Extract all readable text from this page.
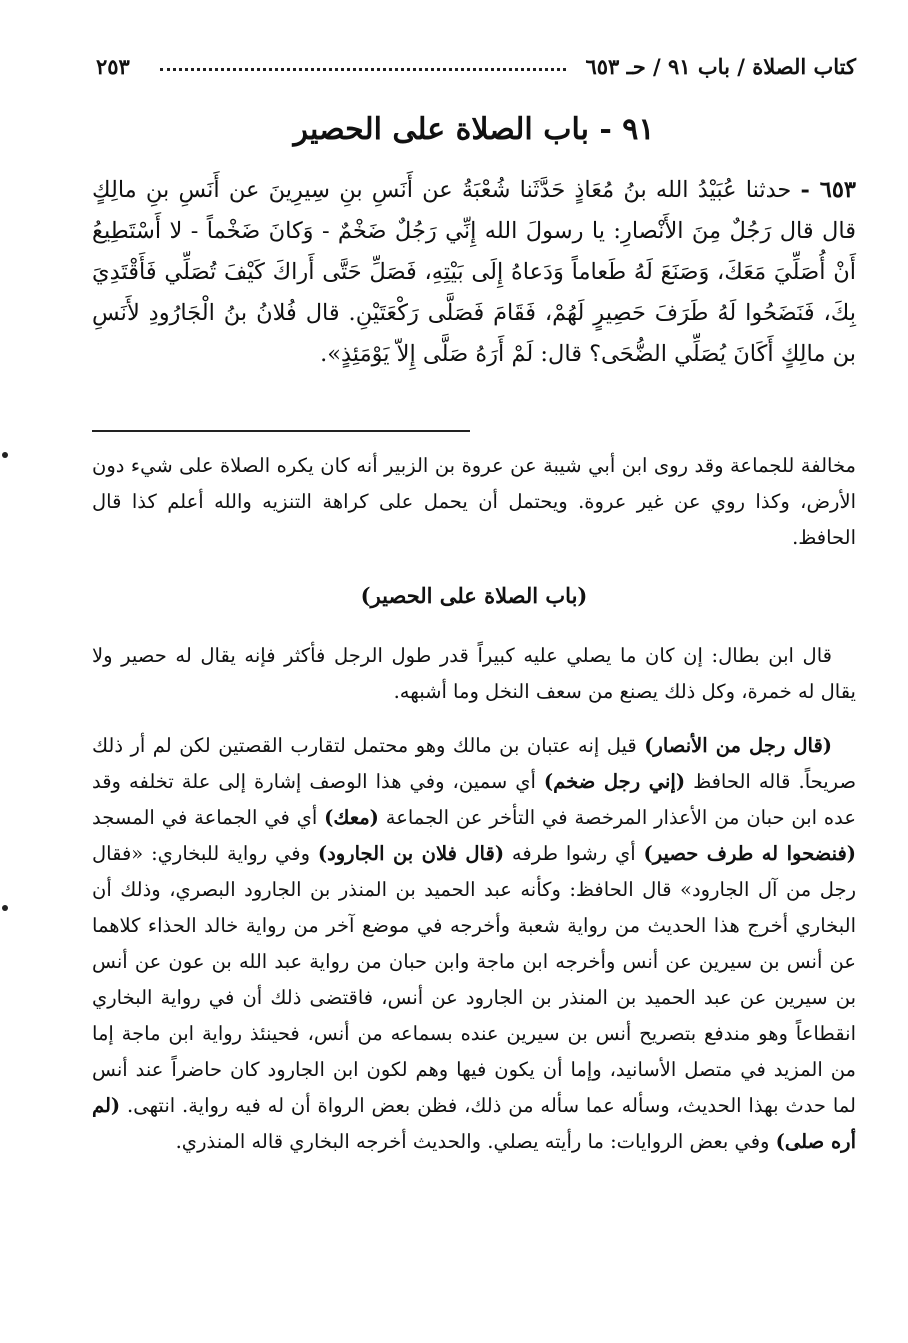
كتاب الصلاة / باب ٩١ / حـ ٦٥٣
٢٥٣
٩١ - باب الصلاة على الحصير
٦٥٣ - حدثنا عُبَيْدُ الله بنُ مُعَاذٍ حَدَّثَنا شُعْبَةُ عن أَنَسِ بنِ سِيرِينَ عن أَنَسِ بنِ مالِكٍ قال قال رَجُلٌ مِنَ الأَنْصارِ: يا رسولَ الله إِنِّي رَجُلٌ ضَخْمٌ - وَكانَ ضَخْماً - لا أَسْتَطِيعُ أَنْ أُصَلِّيَ مَعَكَ، وَصَنَعَ لَهُ طَعاماً وَدَعاهُ إِلَى بَيْتِهِ، فَصَلِّ حَتَّى أَراكَ كَيْفَ تُصَلِّي فَأَقْتَدِيَ بِكَ، فَنَضَحُوا لَهُ طَرَفَ حَصِيرٍ لَهُمْ، فَقَامَ فَصَلَّى رَكْعَتَيْنِ. قال فُلانُ بنُ الْجَارُودِ لأَنَسِ بن مالِكٍ أَكَانَ يُصَلِّي الضُّحَى؟ قال: لَمْ أَرَهُ صَلَّى إِلاّ يَوْمَئِذٍ».

مخالفة للجماعة وقد روى ابن أبي شيبة عن عروة بن الزبير أنه كان يكره الصلاة على شيء دون الأرض، وكذا روي عن غير عروة. ويحتمل أن يحمل على كراهة التنزيه والله أعلم كذا قال الحافظ.

(باب الصلاة على الحصير)

قال ابن بطال: إن كان ما يصلي عليه كبيراً قدر طول الرجل فأكثر فإنه يقال له حصير ولا يقال له خمرة، وكل ذلك يصنع من سعف النخل وما أشبهه.

(قال رجل من الأنصار) قيل إنه عتبان بن مالك وهو محتمل لتقارب القصتين لكن لم أر ذلك صريحاً. قاله الحافظ (إني رجل ضخم) أي سمين، وفي هذا الوصف إشارة إلى علة تخلفه وقد عده ابن حبان من الأعذار المرخصة في التأخر عن الجماعة (معك) أي في الجماعة في المسجد (فنضحوا له طرف حصير) أي رشوا طرفه (قال فلان بن الجارود) وفي رواية للبخاري: «فقال رجل من آل الجارود» قال الحافظ: وكأنه عبد الحميد بن المنذر بن الجارود البصري، وذلك أن البخاري أخرج هذا الحديث من رواية شعبة وأخرجه في موضع آخر من رواية خالد الحذاء كلاهما عن أنس بن سيرين عن أنس وأخرجه ابن ماجة وابن حبان من رواية عبد الله بن عون عن أنس بن سيرين عن عبد الحميد بن المنذر بن الجارود عن أنس، فاقتضى ذلك أن في رواية البخاري انقطاعاً وهو مندفع بتصريح أنس بن سيرين عنده بسماعه من أنس، فحينئذ رواية ابن ماجة إما من المزيد في متصل الأسانيد، وإما أن يكون فيها وهم لكون ابن الجارود كان حاضراً عند أنس لما حدث بهذا الحديث، وسأله عما سأله من ذلك، فظن بعض الرواة أن له فيه رواية. انتهى. (لم أره صلى) وفي بعض الروايات: ما رأيته يصلي. والحديث أخرجه البخاري قاله المنذري.
